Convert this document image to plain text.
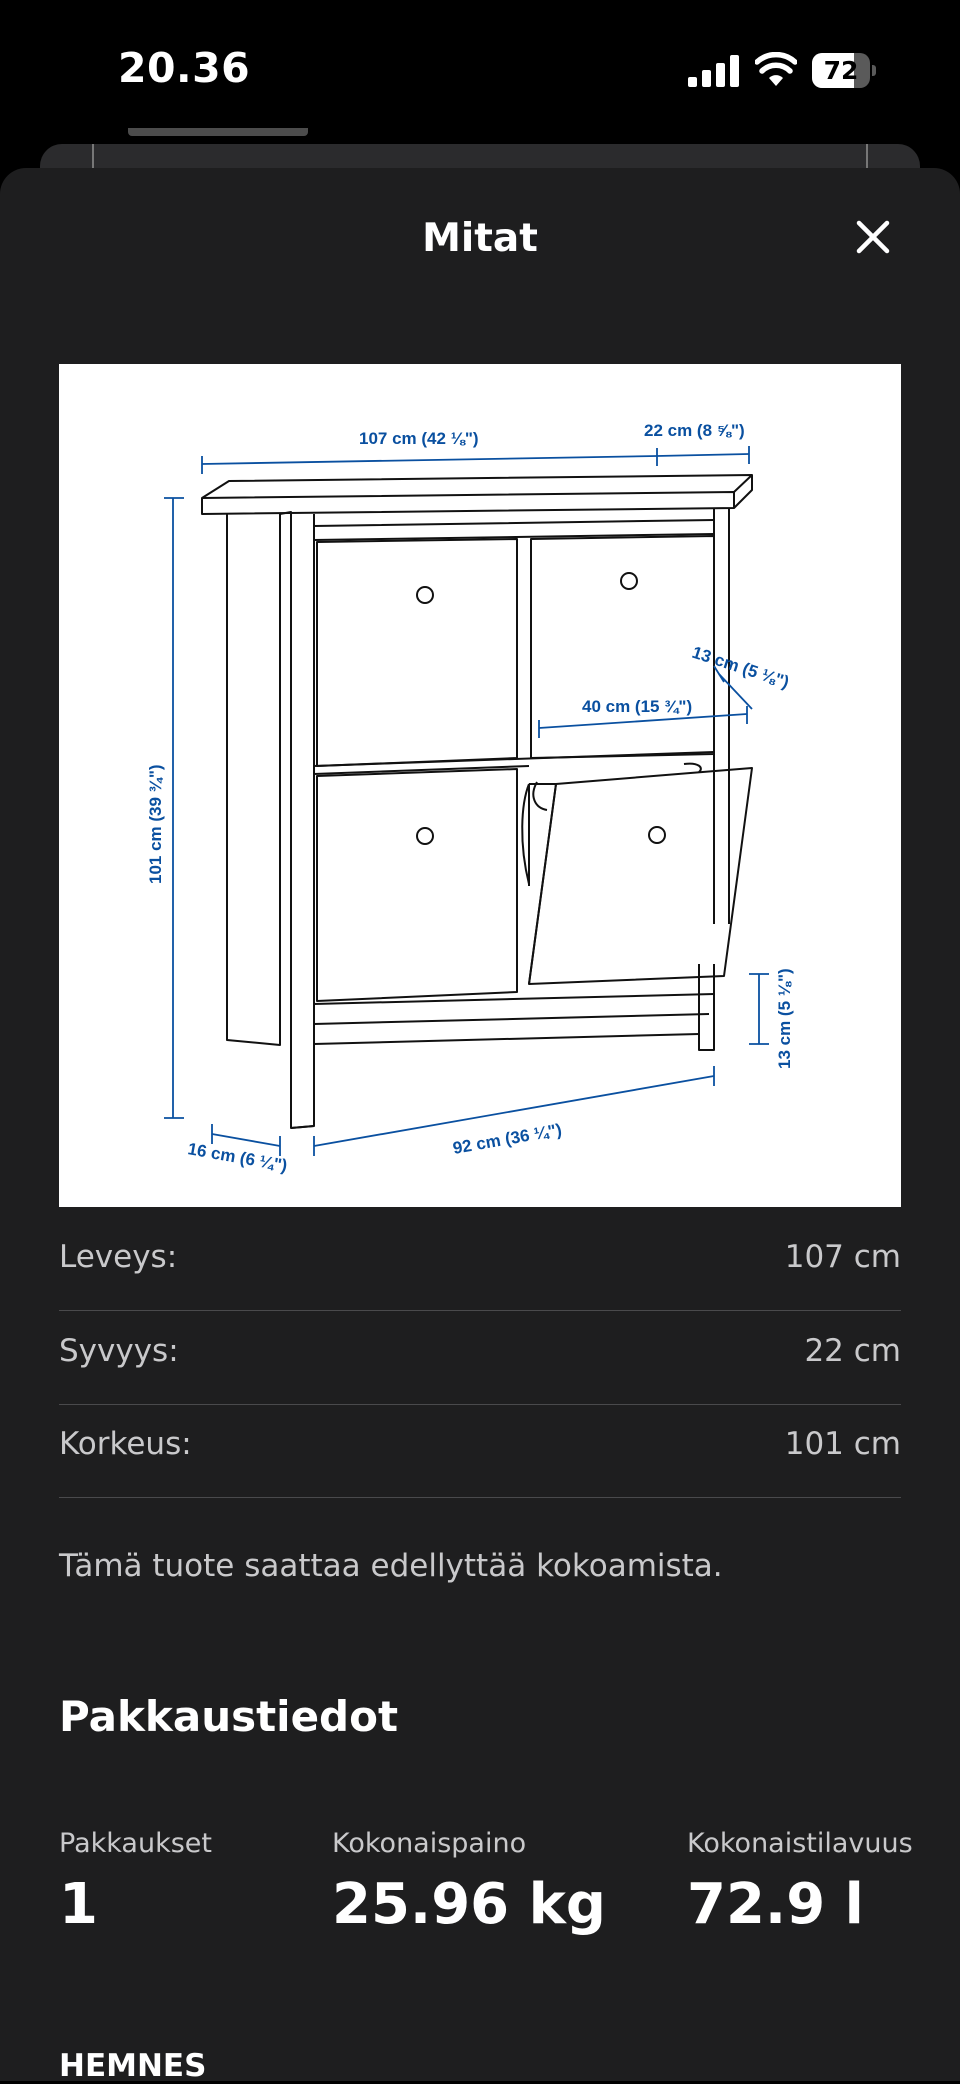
20.36	72
Mitat
107 cm (42 ⅛")	22 cm (8 ⅝")
101 cm (39 ¾")
13 cm (5 ⅛")
40 cm (15 ¾")
13 cm (5 ⅛")
16 cm (6 ¼")	92 cm (36 ¼")
Leveys:	107 cm
Syvyys:	22 cm
Korkeus:	101 cm
Tämä tuote saattaa edellyttää kokoamista.
Pakkaustiedot
Pakkaukset
1
Kokonaispaino
25.96 kg
Kokonaistilavuus
72.9 l
HEMNES
